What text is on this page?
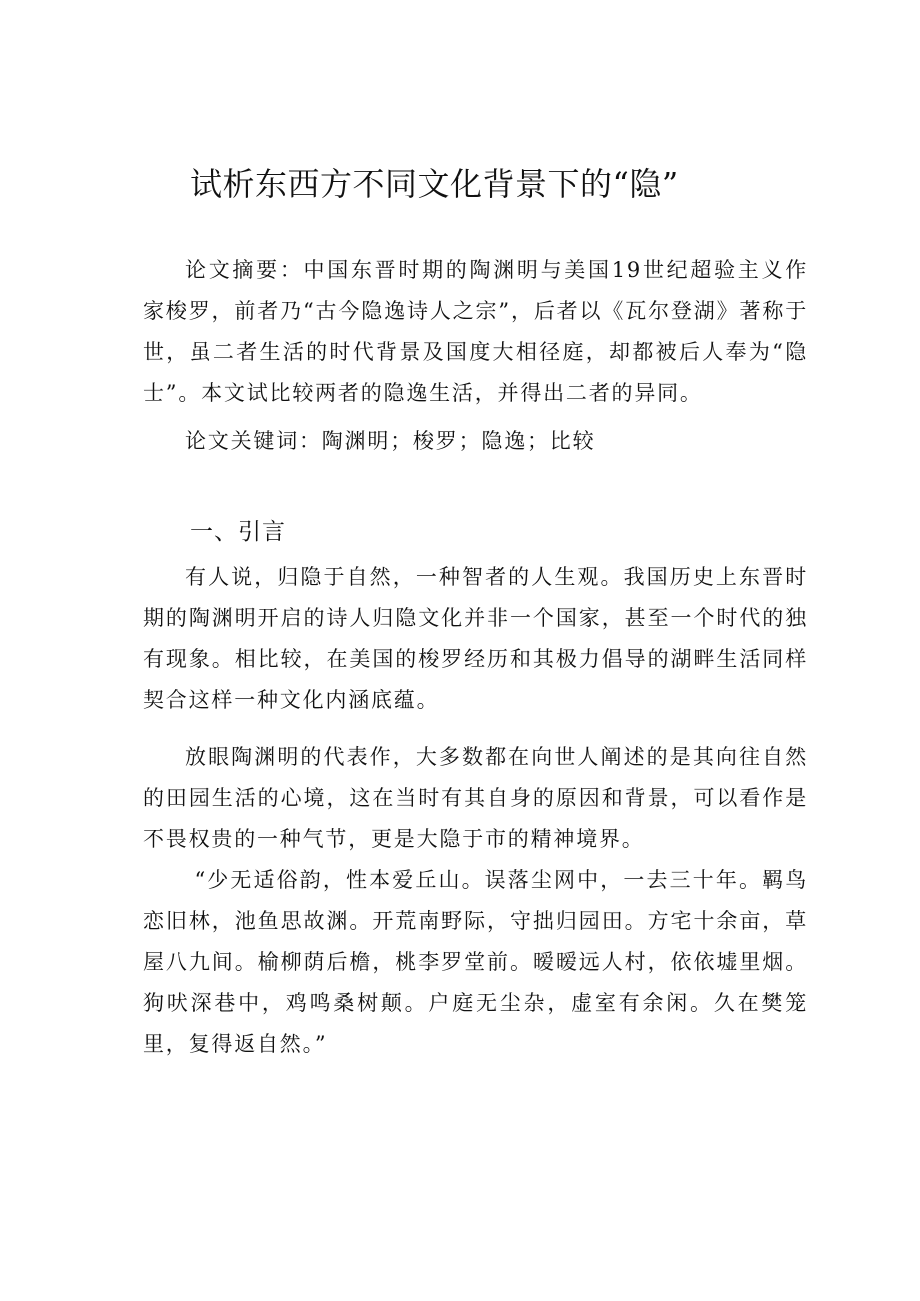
试析东西方不同文化背景下的“隐”

论文摘要：中国东晋时期的陶渊明与美国19世纪超验主义作家梭罗，前者乃“古今隐逸诗人之宗”，后者以《瓦尔登湖》著称于世，虽二者生活的时代背景及国度大相径庭，却都被后人奉为“隐士”。本文试比较两者的隐逸生活，并得出二者的异同。

论文关键词：陶渊明；梭罗；隐逸；比较

一、引言

有人说，归隐于自然，一种智者的人生观。我国历史上东晋时期的陶渊明开启的诗人归隐文化并非一个国家，甚至一个时代的独有现象。相比较，在美国的梭罗经历和其极力倡导的湖畔生活同样契合这样一种文化内涵底蕴。

放眼陶渊明的代表作，大多数都在向世人阐述的是其向往自然的田园生活的心境，这在当时有其自身的原因和背景，可以看作是不畏权贵的一种气节，更是大隐于市的精神境界。

“少无适俗韵，性本爱丘山。误落尘网中，一去三十年。羁鸟恋旧林，池鱼思故渊。开荒南野际，守拙归园田。方宅十余亩，草屋八九间。榆柳荫后檐，桃李罗堂前。暧暧远人村，依依墟里烟。狗吠深巷中，鸡鸣桑树颠。户庭无尘杂，虚室有余闲。久在樊笼里，复得返自然。”
